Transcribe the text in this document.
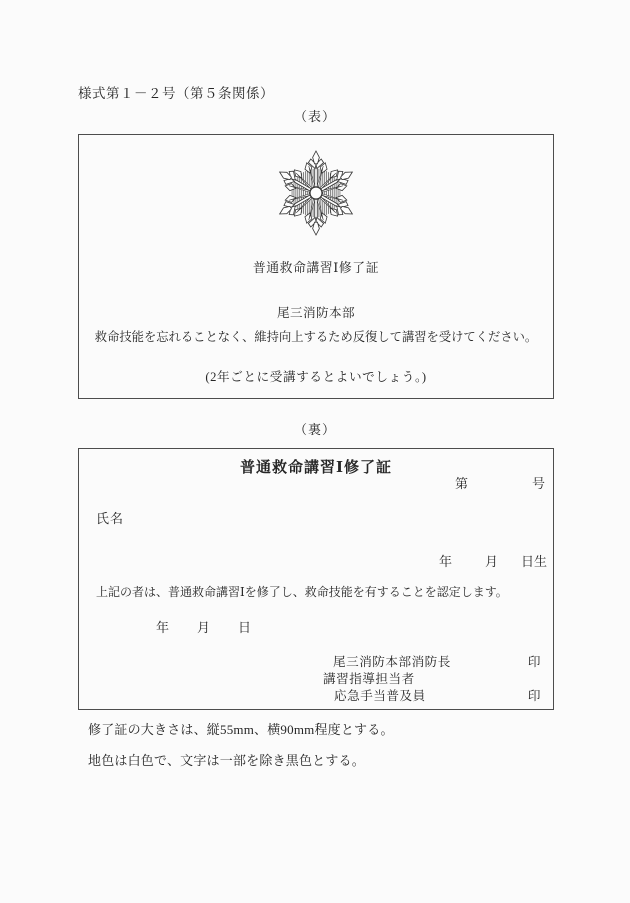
様式第１－２号（第５条関係）
（表）
普通救命講習Ⅰ修了証
尾三消防本部
救命技能を忘れることなく、維持向上するため反復して講習を受けてください。
(2年ごとに受講するとよいでしょう。)
（裏）
普通救命講習Ⅰ修了証
第	号
氏名
年	月 日生
上記の者は、普通救命講習Ⅰを修了し、救命技能を有することを認定します。
年 月 日
尾三消防本部消防長	印
講習指導担当者
応急手当普及員	印
修了証の大きさは、縦55mm、横90mm程度とする。
地色は白色で、文字は一部を除き黒色とする。
